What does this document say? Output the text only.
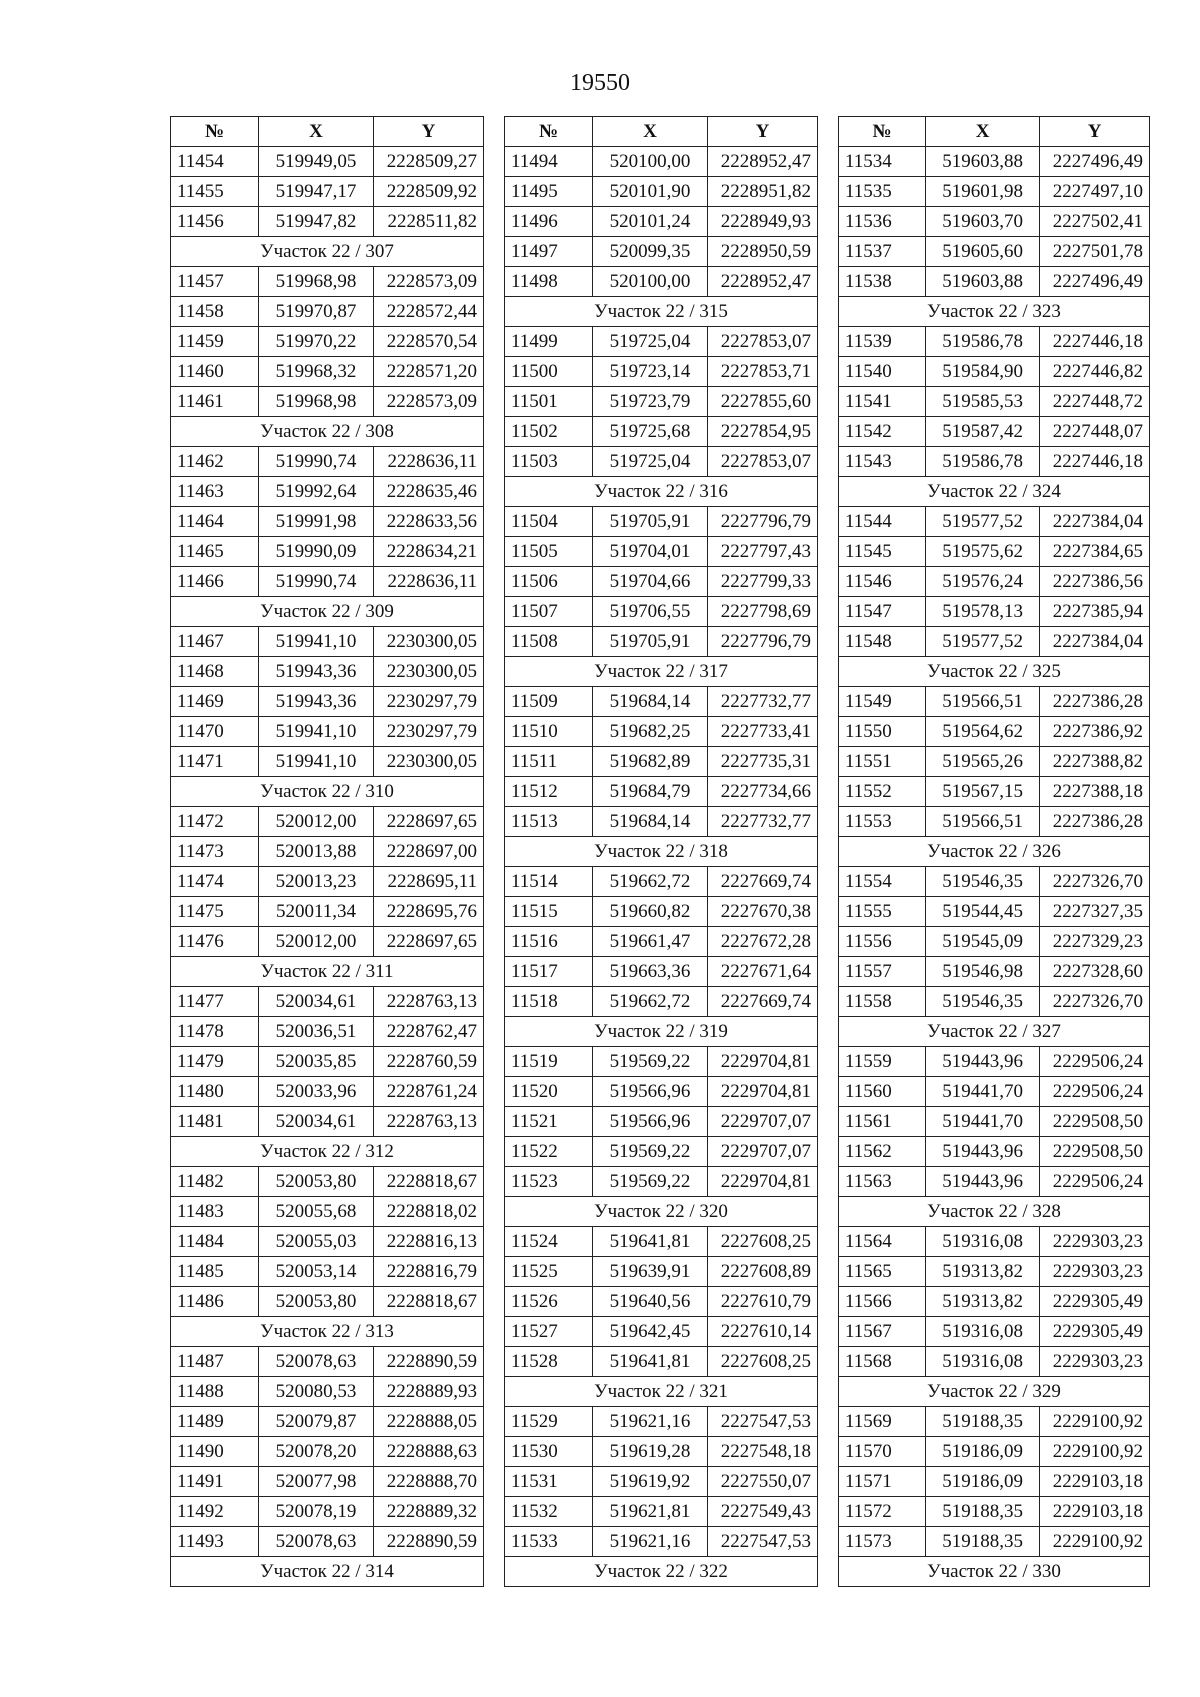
19550
№	X	Y
11454	519949,05	2228509,27
11455	519947,17	2228509,92
11456	519947,82	2228511,82
Участок 22 / 307		
11457	519968,98	2228573,09
11458	519970,87	2228572,44
11459	519970,22	2228570,54
11460	519968,32	2228571,20
11461	519968,98	2228573,09
Участок 22 / 308		
11462	519990,74	2228636,11
11463	519992,64	2228635,46
11464	519991,98	2228633,56
11465	519990,09	2228634,21
11466	519990,74	2228636,11
Участок 22 / 309		
11467	519941,10	2230300,05
11468	519943,36	2230300,05
11469	519943,36	2230297,79
11470	519941,10	2230297,79
11471	519941,10	2230300,05
Участок 22 / 310		
11472	520012,00	2228697,65
11473	520013,88	2228697,00
11474	520013,23	2228695,11
11475	520011,34	2228695,76
11476	520012,00	2228697,65
Участок 22 / 311		
11477	520034,61	2228763,13
11478	520036,51	2228762,47
11479	520035,85	2228760,59
11480	520033,96	2228761,24
11481	520034,61	2228763,13
Участок 22 / 312		
11482	520053,80	2228818,67
11483	520055,68	2228818,02
11484	520055,03	2228816,13
11485	520053,14	2228816,79
11486	520053,80	2228818,67
Участок 22 / 313		
11487	520078,63	2228890,59
11488	520080,53	2228889,93
11489	520079,87	2228888,05
11490	520078,20	2228888,63
11491	520077,98	2228888,70
11492	520078,19	2228889,32
11493	520078,63	2228890,59
Участок 22 / 314		
№	X	Y
11494	520100,00	2228952,47
11495	520101,90	2228951,82
11496	520101,24	2228949,93
11497	520099,35	2228950,59
11498	520100,00	2228952,47
Участок 22 / 315		
11499	519725,04	2227853,07
11500	519723,14	2227853,71
11501	519723,79	2227855,60
11502	519725,68	2227854,95
11503	519725,04	2227853,07
Участок 22 / 316		
11504	519705,91	2227796,79
11505	519704,01	2227797,43
11506	519704,66	2227799,33
11507	519706,55	2227798,69
11508	519705,91	2227796,79
Участок 22 / 317		
11509	519684,14	2227732,77
11510	519682,25	2227733,41
11511	519682,89	2227735,31
11512	519684,79	2227734,66
11513	519684,14	2227732,77
Участок 22 / 318		
11514	519662,72	2227669,74
11515	519660,82	2227670,38
11516	519661,47	2227672,28
11517	519663,36	2227671,64
11518	519662,72	2227669,74
Участок 22 / 319		
11519	519569,22	2229704,81
11520	519566,96	2229704,81
11521	519566,96	2229707,07
11522	519569,22	2229707,07
11523	519569,22	2229704,81
Участок 22 / 320		
11524	519641,81	2227608,25
11525	519639,91	2227608,89
11526	519640,56	2227610,79
11527	519642,45	2227610,14
11528	519641,81	2227608,25
Участок 22 / 321		
11529	519621,16	2227547,53
11530	519619,28	2227548,18
11531	519619,92	2227550,07
11532	519621,81	2227549,43
11533	519621,16	2227547,53
Участок 22 / 322		
№	X	Y
11534	519603,88	2227496,49
11535	519601,98	2227497,10
11536	519603,70	2227502,41
11537	519605,60	2227501,78
11538	519603,88	2227496,49
Участок 22 / 323		
11539	519586,78	2227446,18
11540	519584,90	2227446,82
11541	519585,53	2227448,72
11542	519587,42	2227448,07
11543	519586,78	2227446,18
Участок 22 / 324		
11544	519577,52	2227384,04
11545	519575,62	2227384,65
11546	519576,24	2227386,56
11547	519578,13	2227385,94
11548	519577,52	2227384,04
Участок 22 / 325		
11549	519566,51	2227386,28
11550	519564,62	2227386,92
11551	519565,26	2227388,82
11552	519567,15	2227388,18
11553	519566,51	2227386,28
Участок 22 / 326		
11554	519546,35	2227326,70
11555	519544,45	2227327,35
11556	519545,09	2227329,23
11557	519546,98	2227328,60
11558	519546,35	2227326,70
Участок 22 / 327		
11559	519443,96	2229506,24
11560	519441,70	2229506,24
11561	519441,70	2229508,50
11562	519443,96	2229508,50
11563	519443,96	2229506,24
Участок 22 / 328		
11564	519316,08	2229303,23
11565	519313,82	2229303,23
11566	519313,82	2229305,49
11567	519316,08	2229305,49
11568	519316,08	2229303,23
Участок 22 / 329		
11569	519188,35	2229100,92
11570	519186,09	2229100,92
11571	519186,09	2229103,18
11572	519188,35	2229103,18
11573	519188,35	2229100,92
Участок 22 / 330		
